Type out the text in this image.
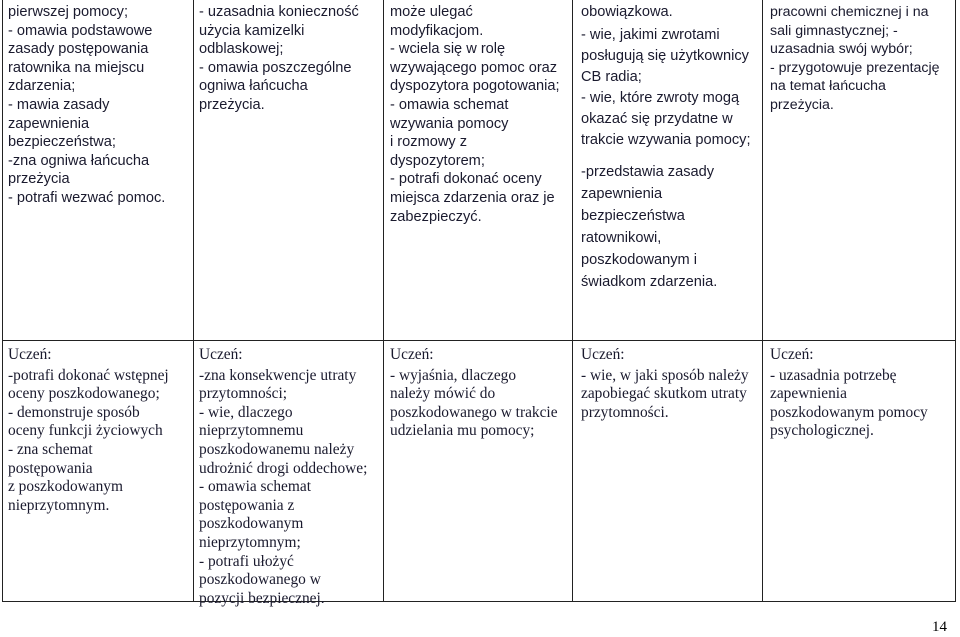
pierwszej pomocy;
- omawia podstawowe
zasady postępowania
ratownika na miejscu
zdarzenia;
- mawia zasady
zapewnienia
bezpieczeństwa;
-zna ogniwa łańcucha
przeżycia
- potrafi wezwać pomoc.
- uzasadnia konieczność
użycia kamizelki
odblaskowej;
- omawia poszczególne
ogniwa łańcucha
przeżycia.
może ulegać
modyfikacjom.
- wciela się w rolę
wzywającego pomoc oraz
dyspozytora pogotowania;
- omawia schemat
wzywania pomocy
i rozmowy z
dyspozytorem;
- potrafi dokonać oceny
miejsca zdarzenia oraz je
zabezpieczyć.
obowiązkowa.
- wie, jakimi zwrotami
posługują się użytkownicy
CB radia;
- wie, które zwroty mogą
okazać się przydatne w
trakcie wzywania pomocy;
-przedstawia zasady
zapewnienia
bezpieczeństwa
ratownikowi,
poszkodowanym i
świadkom zdarzenia.
pracowni chemicznej i na
sali gimnastycznej; -
uzasadnia swój wybór;
- przygotowuje prezentację
na temat łańcucha
przeżycia.
Uczeń:
-potrafi dokonać wstępnej
oceny poszkodowanego;
- demonstruje sposób
oceny funkcji życiowych
- zna schemat
postępowania
z poszkodowanym
nieprzytomnym.
Uczeń:
-zna konsekwencje utraty
przytomności;
- wie, dlaczego
nieprzytomnemu
poszkodowanemu należy
udrożnić drogi oddechowe;
- omawia schemat
postępowania z
poszkodowanym
nieprzytomnym;
- potrafi ułożyć
poszkodowanego w
pozycji bezpiecznej.
Uczeń:
- wyjaśnia, dlaczego
należy mówić do
poszkodowanego w trakcie
udzielania mu pomocy;
Uczeń:
- wie, w jaki sposób należy
zapobiegać skutkom utraty
przytomności.
Uczeń:
- uzasadnia potrzebę
zapewnienia
poszkodowanym pomocy
psychologicznej.
14
